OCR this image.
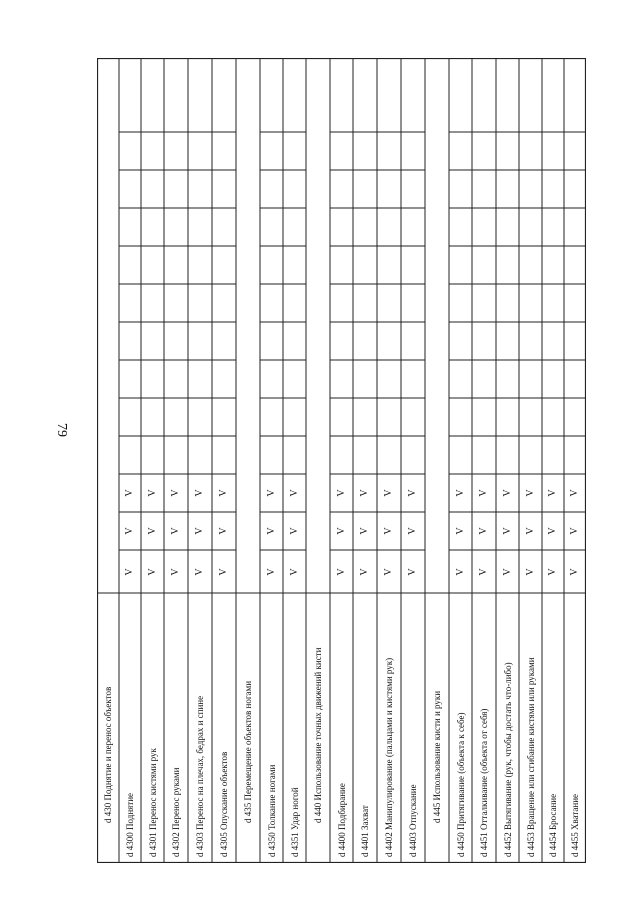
79
d 430 Поднятие и перенос объектов
d 4300 Поднятие
V
V
V
d 4301 Перенос кистями рук
V
V
V
d 4302 Перенос руками
V
V
V
d 4303 Перенос на плечах, бедрах и спине
V
V
V
d 4305 Опускание объектов
V
V
V
d 435 Перемещение объектов ногами d 4350 Толкание ногами
V
V
V
d 4351 Удар ногой
V
V
V
d 440 Использование точных движений кисти d 4400 Подбирание
V
V
V
d 4401 Захват
V
V
V
d 4402 Манипулирование (пальцами и кистями рук)
V
V
V
d 4403 Отпускание
V
V
V
d 445 Использование кисти и руки d 4450 Притягивание (объекта к себе)
V
V
V
d 4451 Отталкивание (объекта от себя)
V
V
V
d 4452 Вытягивание (рук, чтобы достать что-либо)
V
V
V
d 4453 Вращение или сгибание кистями или руками
V
V
V
d 4454 Бросание
V
V
V
d 4455 Хватание
V
V
V
